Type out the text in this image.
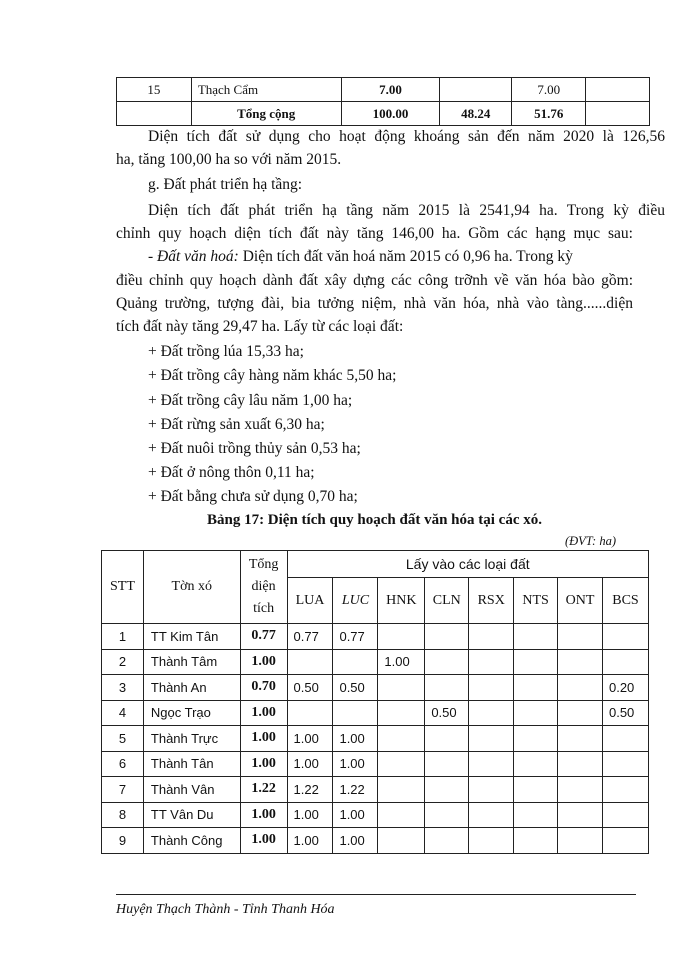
15	Thạch Cẩm	7.00		7.00	
	Tổng cộng	100.00	48.24	51.76	

Diện tích đất sử dụng cho hoạt động khoáng sản đến năm 2020 là 126,56

ha, tăng 100,00 ha so với năm 2015.

g. Đất phát triển hạ tầng:

Diện tích đất phát triển hạ tầng năm 2015 là 2541,94 ha. Trong kỳ điều

chỉnh quy hoạch diện tích đất này tăng 146,00 ha. Gồm các hạng mục sau:

- Đất văn hoá: Diện tích đất văn hoá năm 2015 có 0,96 ha. Trong kỳ

điều chỉnh quy hoạch dành đất xây dựng các công trỡnh về văn hóa bào gồm:

Quảng trường, tượng đài, bia tưởng niệm, nhà văn hóa, nhà vào tàng......diện

tích đất này tăng 29,47 ha. Lấy từ các loại đất:

+ Đất trồng lúa 15,33 ha;

+ Đất trồng cây hàng năm khác 5,50 ha;

+ Đất trồng cây lâu năm 1,00 ha;

+ Đất rừng sản xuất 6,30 ha;

+ Đất nuôi trồng thủy sản 0,53 ha;

+ Đất ở nông thôn 0,11 ha;

+ Đất bằng chưa sử dụng 0,70 ha;

Bảng 17: Diện tích quy hoạch đất văn hóa tại các xó.
(ĐVT: ha)
STT	Tờn xó	Tổng
diện
tích	Lấy vào các loại đất							
			LUA	LUC	HNK	CLN	RSX	NTS	ONT	BCS
1	TT Kim Tân	0.77	0.77	0.77						
2	Thành Tâm	1.00			1.00					
3	Thành An	0.70	0.50	0.50						0.20
4	Ngọc Trạo	1.00				0.50				0.50
5	Thành Trực	1.00	1.00	1.00						
6	Thành Tân	1.00	1.00	1.00						
7	Thành Vân	1.22	1.22	1.22						
8	TT Vân Du	1.00	1.00	1.00						
9	Thành Công	1.00	1.00	1.00						
Huyện Thạch Thành - Tỉnh Thanh Hóa
